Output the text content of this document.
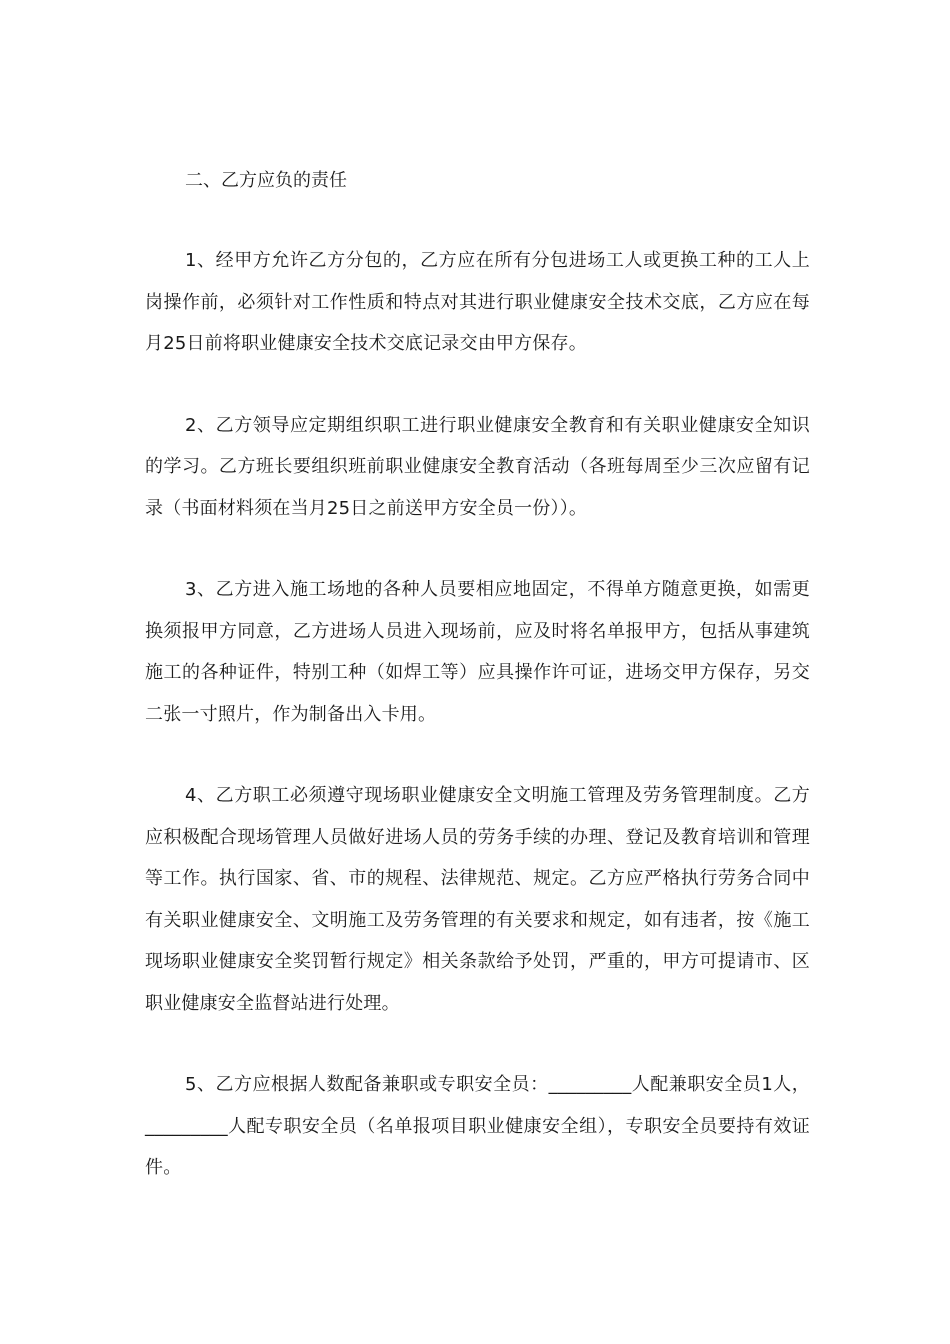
二、乙方应负的责任

1、经甲方允许乙方分包的，乙方应在所有分包进场工人或更换工种的工人上岗操作前，必须针对工作性质和特点对其进行职业健康安全技术交底，乙方应在每月25日前将职业健康安全技术交底记录交由甲方保存。

2、乙方领导应定期组织职工进行职业健康安全教育和有关职业健康安全知识的学习。乙方班长要组织班前职业健康安全教育活动（各班每周至少三次应留有记录（书面材料须在当月25日之前送甲方安全员一份））。

3、乙方进入施工场地的各种人员要相应地固定，不得单方随意更换，如需更换须报甲方同意，乙方进场人员进入现场前，应及时将名单报甲方，包括从事建筑施工的各种证件，特别工种（如焊工等）应具操作许可证，进场交甲方保存，另交二张一寸照片，作为制备出入卡用。

4、乙方职工必须遵守现场职业健康安全文明施工管理及劳务管理制度。乙方应积极配合现场管理人员做好进场人员的劳务手续的办理、登记及教育培训和管理等工作。执行国家、省、市的规程、法律规范、规定。乙方应严格执行劳务合同中有关职业健康安全、文明施工及劳务管理的有关要求和规定，如有违者，按《施工现场职业健康安全奖罚暂行规定》相关条款给予处罚，严重的，甲方可提请市、区职业健康安全监督站进行处理。

5、乙方应根据人数配备兼职或专职安全员：_________人配兼职安全员1人，_________人配专职安全员（名单报项目职业健康安全组），专职安全员要持有效证件。
